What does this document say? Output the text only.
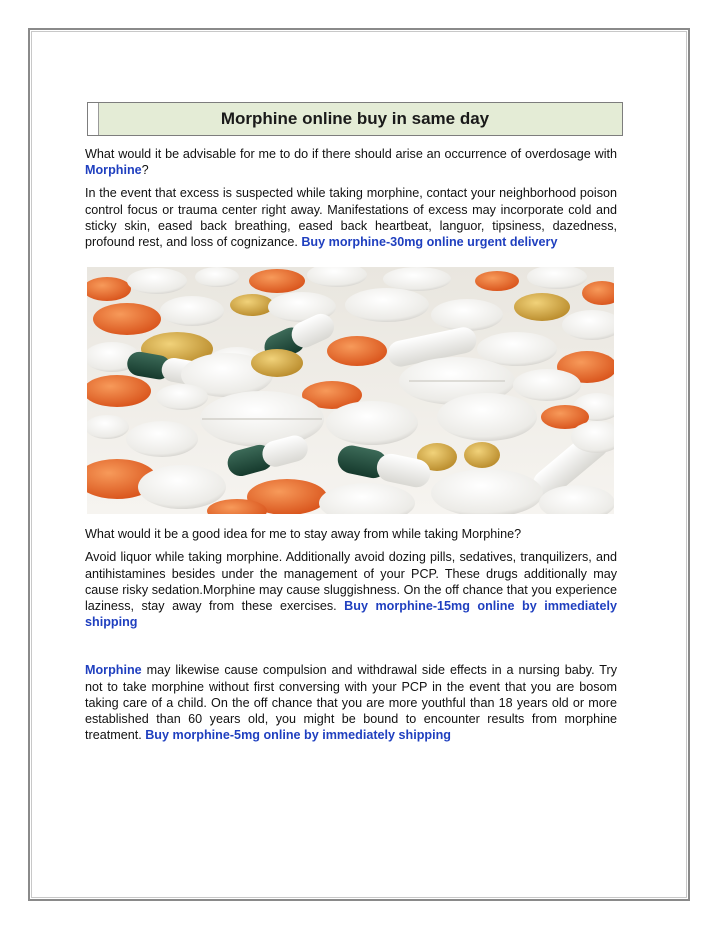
Morphine online buy in same day

What would it be advisable for me to do if there should arise an occurrence of overdosage with Morphine?

In the event that excess is suspected while taking morphine, contact your neighborhood poison control focus or trauma center right away. Manifestations of excess may incorporate cold and sticky skin, eased back breathing, eased back heartbeat, languor, tipsiness, dazedness, profound rest, and loss of cognizance. Buy morphine-30mg online urgent delivery

What would it be a good idea for me to stay away from while taking Morphine?

Avoid liquor while taking morphine. Additionally avoid dozing pills, sedatives, tranquilizers, and antihistamines besides under the management of your PCP. These drugs additionally may cause risky sedation.Morphine may cause sluggishness. On the off chance that you experience laziness, stay away from these exercises. Buy morphine-15mg online by immediately shipping

Morphine may likewise cause compulsion and withdrawal side effects in a nursing baby. Try not to take morphine without first conversing with your PCP in the event that you are bosom taking care of a child. On the off chance that you are more youthful than 18 years old or more established than 60 years old, you might be bound to encounter results from morphine treatment. Buy morphine-5mg online by immediately shipping
